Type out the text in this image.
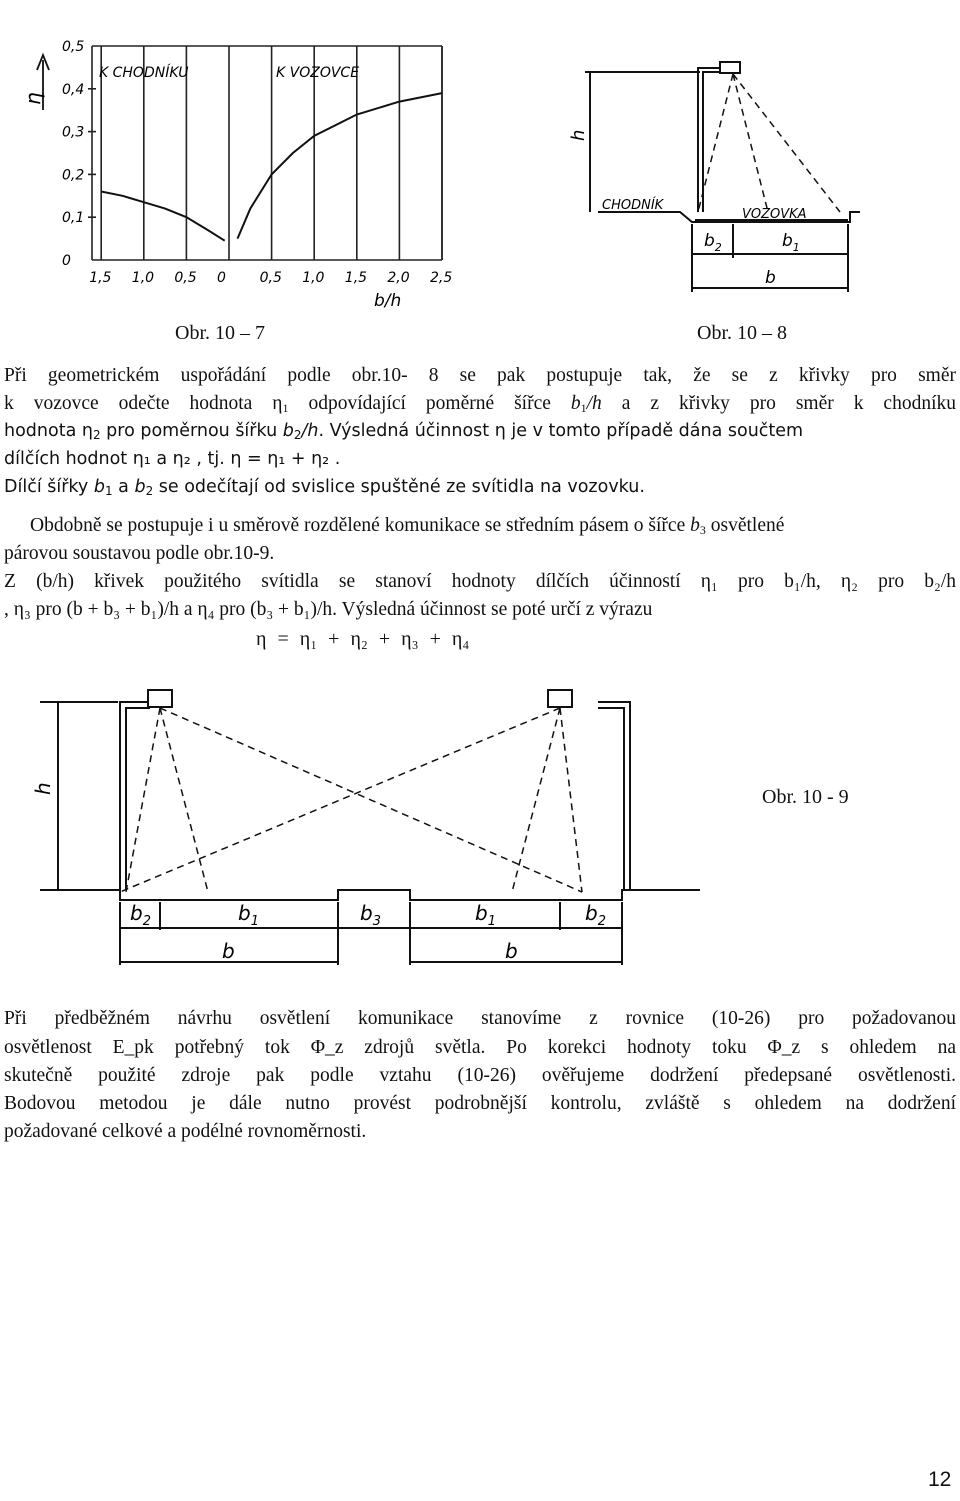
η
0,5
0,4
0,3
0,2
0,1
0
1,5 1,0 0,5 0 0,5 1,0 1,5 2,0 2,5
b/h
K CHODNÍKU	K VOZOVCE
h
CHODNÍK
VOZOVKA
$b_2$	$b_1$
b
Obr. 10 – 7	Obr. 10 – 8
Při geometrickém uspořádání podle obr.10- 8 se pak postupuje tak, že se z křivky pro směr
k vozovce odečte hodnota $\eta_1$ odpovídající poměrné šířce $b_1/h$ a z křivky pro směr k chodníku
hodnota $\eta_2$ pro poměrnou šířku $b_2/h$. Výsledná účinnost η je v tomto případě dána součtem
dílčích hodnot η₁ a η₂ , tj. η = η₁ + η₂ .
Dílčí šířky $b_1$ a $b_2$ se odečítají od svislice spuštěné ze svítidla na vozovku.
Obdobně se postupuje i u směrově rozdělené komunikace se středním pásem o šířce $b_3$ osvětlené
párovou soustavou podle obr.10-9.
Z (b/h) křivek použitého svítidla se stanoví hodnoty dílčích účinností η₁ pro b₁/h, η₂ pro b₂/h
, η₃ pro (b + b₃ + b₁)/h a η₄ pro (b₃ + b₁)/h. Výsledná účinnost se poté určí z výrazu
η = η₁ + η₂ + η₃ + η₄
h
$b_2$	$b_1$	$b_3$	$b_1$	$b_2$
b	b
Obr. 10 - 9
Při předběžném návrhu osvětlení komunikace stanovíme z rovnice (10-26) pro požadovanou
osvětlenost E_pk potřebný tok Φ_z zdrojů světla. Po korekci hodnoty toku Φ_z s ohledem na
skutečně použité zdroje pak podle vztahu (10-26) ověřujeme dodržení předepsané osvětlenosti.
Bodovou metodou je dále nutno provést podrobnější kontrolu, zvláště s ohledem na dodržení
požadované celkové a podélné rovnoměrnosti.
12
